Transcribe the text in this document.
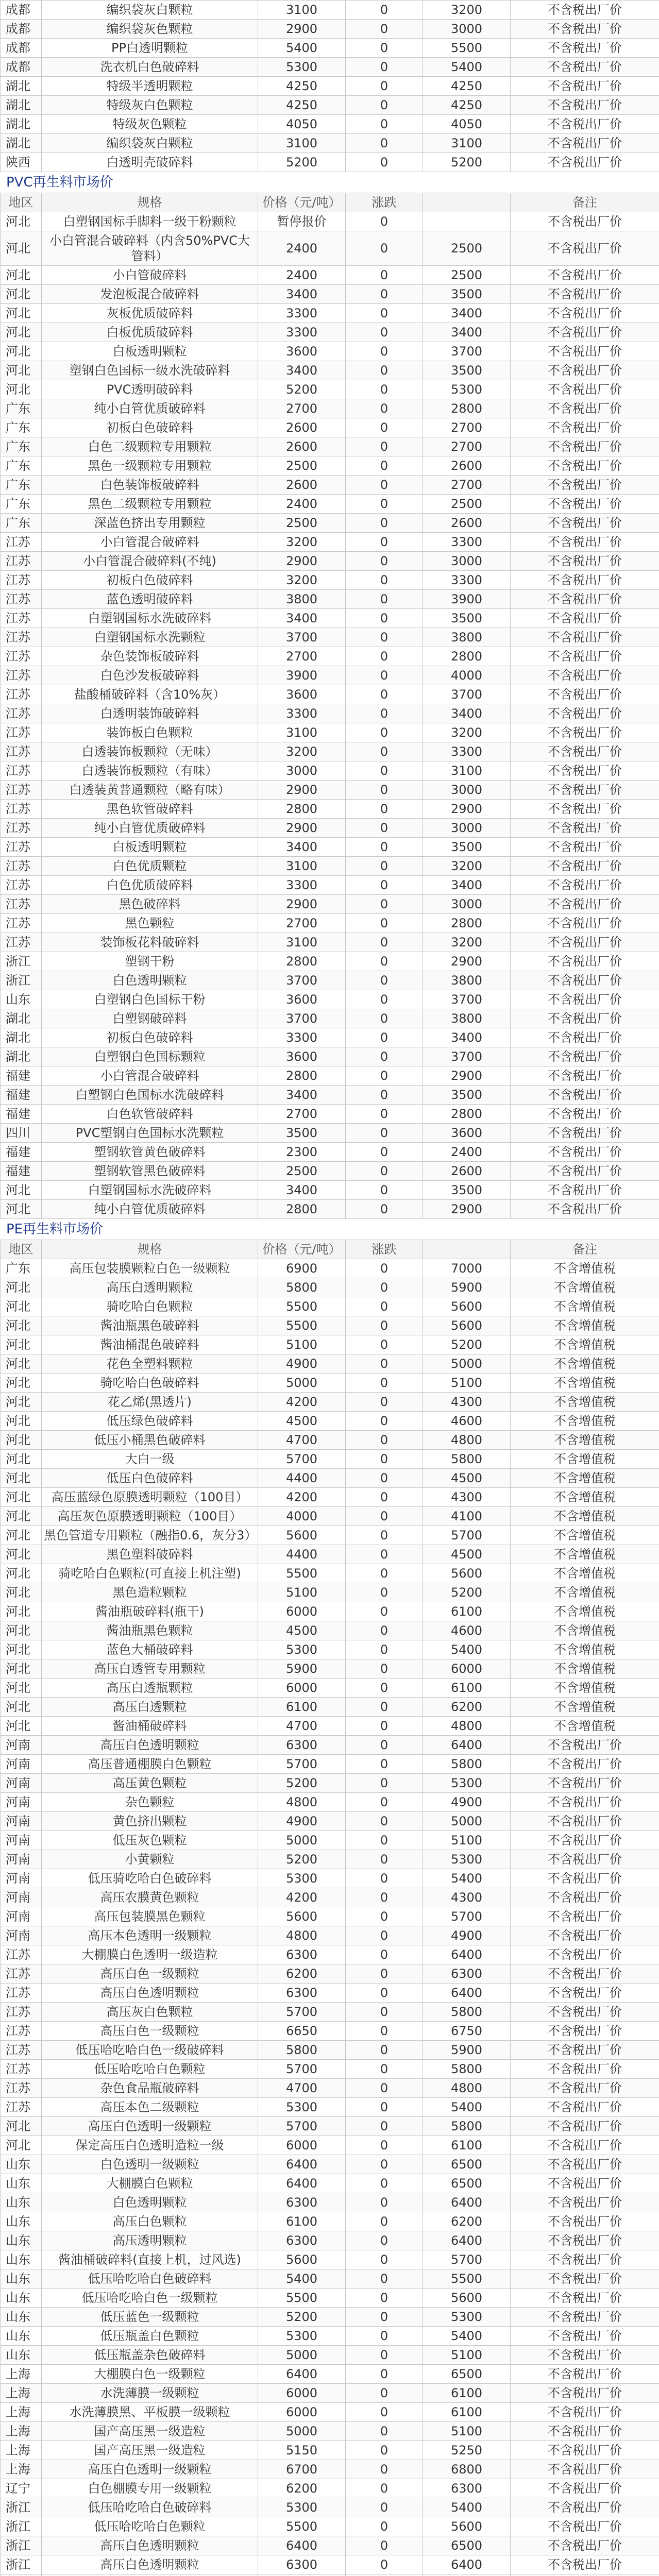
成都	编织袋灰白颗粒	3100	0	3200	不含税出厂价
成都	编织袋灰色颗粒	2900	0	3000	不含税出厂价
成都	PP白透明颗粒	5400	0	5500	不含税出厂价
成都	洗衣机白色破碎料	5300	0	5400	不含税出厂价
湖北	特级半透明颗粒	4250	0	4250	不含税出厂价
湖北	特级灰白色颗粒	4250	0	4250	不含税出厂价
湖北	特级灰色颗粒	4050	0	4050	不含税出厂价
湖北	编织袋灰白颗粒	3100	0	3100	不含税出厂价
陕西	白透明壳破碎料	5200	0	5200	不含税出厂价
PVC再生料市场价
地区	规格	价格（元/吨）	涨跌		备注
河北	白塑钢国标手脚料一级干粉颗粒	暂停报价	0		不含税出厂价
河北	小白管混合破碎料（内含50%PVC大管料）	2400	0	2500	不含税出厂价
河北	小白管破碎料	2400	0	2500	不含税出厂价
河北	发泡板混合破碎料	3400	0	3500	不含税出厂价
河北	灰板优质破碎料	3300	0	3400	不含税出厂价
河北	白板优质破碎料	3300	0	3400	不含税出厂价
河北	白板透明颗粒	3600	0	3700	不含税出厂价
河北	塑钢白色国标一级水洗破碎料	3400	0	3500	不含税出厂价
河北	PVC透明破碎料	5200	0	5300	不含税出厂价
广东	纯小白管优质破碎料	2700	0	2800	不含税出厂价
广东	初板白色破碎料	2600	0	2700	不含税出厂价
广东	白色二级颗粒专用颗粒	2600	0	2700	不含税出厂价
广东	黑色一级颗粒专用颗粒	2500	0	2600	不含税出厂价
广东	白色装饰板破碎料	2600	0	2700	不含税出厂价
广东	黑色二级颗粒专用颗粒	2400	0	2500	不含税出厂价
广东	深蓝色挤出专用颗粒	2500	0	2600	不含税出厂价
江苏	小白管混合破碎料	3200	0	3300	不含税出厂价
江苏	小白管混合破碎料(不纯)	2900	0	3000	不含税出厂价
江苏	初板白色破碎料	3200	0	3300	不含税出厂价
江苏	蓝色透明破碎料	3800	0	3900	不含税出厂价
江苏	白塑钢国标水洗破碎料	3400	0	3500	不含税出厂价
江苏	白塑钢国标水洗颗粒	3700	0	3800	不含税出厂价
江苏	杂色装饰板破碎料	2700	0	2800	不含税出厂价
江苏	白色沙发板破碎料	3900	0	4000	不含税出厂价
江苏	盐酸桶破碎料（含10%灰）	3600	0	3700	不含税出厂价
江苏	白透明装饰破碎料	3300	0	3400	不含税出厂价
江苏	装饰板白色颗粒	3100	0	3200	不含税出厂价
江苏	白透装饰板颗粒（无味）	3200	0	3300	不含税出厂价
江苏	白透装饰板颗粒（有味）	3000	0	3100	不含税出厂价
江苏	白透装黄普通颗粒（略有味）	2900	0	3000	不含税出厂价
江苏	黑色软管破碎料	2800	0	2900	不含税出厂价
江苏	纯小白管优质破碎料	2900	0	3000	不含税出厂价
江苏	白板透明颗粒	3400	0	3500	不含税出厂价
江苏	白色优质颗粒	3100	0	3200	不含税出厂价
江苏	白色优质破碎料	3300	0	3400	不含税出厂价
江苏	黑色破碎料	2900	0	3000	不含税出厂价
江苏	黑色颗粒	2700	0	2800	不含税出厂价
江苏	装饰板花料破碎料	3100	0	3200	不含税出厂价
浙江	塑钢干粉	2800	0	2900	不含税出厂价
浙江	白色透明颗粒	3700	0	3800	不含税出厂价
山东	白塑钢白色国标干粉	3600	0	3700	不含税出厂价
湖北	白塑钢破碎料	3700	0	3800	不含税出厂价
湖北	初板白色破碎料	3300	0	3400	不含税出厂价
湖北	白塑钢白色国标颗粒	3600	0	3700	不含税出厂价
福建	小白管混合破碎料	2800	0	2900	不含税出厂价
福建	白塑钢白色国标水洗破碎料	3400	0	3500	不含税出厂价
福建	白色软管破碎料	2700	0	2800	不含税出厂价
四川	PVC塑钢白色国标水洗颗粒	3500	0	3600	不含税出厂价
福建	塑钢软管黄色破碎料	2300	0	2400	不含税出厂价
福建	塑钢软管黑色破碎料	2500	0	2600	不含税出厂价
河北	白塑钢国标水洗破碎料	3400	0	3500	不含税出厂价
河北	纯小白管优质破碎料	2800	0	2900	不含税出厂价
PE再生料市场价
地区	规格	价格（元/吨）	涨跌		备注
广东	高压包装膜颗粒白色一级颗粒	6900	0	7000	不含增值税
河北	高压白透明颗粒	5800	0	5900	不含增值税
河北	骑吃哈白色颗粒	5500	0	5600	不含增值税
河北	酱油瓶黑色破碎料	5500	0	5600	不含增值税
河北	酱油桶混色破碎料	5100	0	5200	不含增值税
河北	花色全塑料颗粒	4900	0	5000	不含增值税
河北	骑吃哈白色破碎料	5000	0	5100	不含增值税
河北	花乙烯(黑透片)	4200	0	4300	不含增值税
河北	低压绿色破碎料	4500	0	4600	不含增值税
河北	低压小桶黑色破碎料	4700	0	4800	不含增值税
河北	大白一级	5700	0	5800	不含增值税
河北	低压白色破碎料	4400	0	4500	不含增值税
河北	高压蓝绿色原膜透明颗粒（100目）	4200	0	4300	不含增值税
河北	高压灰色原膜透明颗粒（100目）	4000	0	4100	不含增值税
河北	黑色管道专用颗粒（融指0.6，灰分3）	5600	0	5700	不含增值税
河北	黑色塑料破碎料	4400	0	4500	不含增值税
河北	骑吃哈白色颗粒(可直接上机注塑)	5500	0	5600	不含增值税
河北	黑色造粒颗粒	5100	0	5200	不含增值税
河北	酱油瓶破碎料(瓶干)	6000	0	6100	不含增值税
河北	酱油瓶黑色颗粒	4500	0	4600	不含增值税
河北	蓝色大桶破碎料	5300	0	5400	不含增值税
河北	高压白透管专用颗粒	5900	0	6000	不含增值税
河北	高压白透瓶颗粒	6000	0	6100	不含增值税
河北	高压白透颗粒	6100	0	6200	不含增值税
河北	酱油桶破碎料	4700	0	4800	不含增值税
河南	高压白色透明颗粒	6300	0	6400	不含税出厂价
河南	高压普通棚膜白色颗粒	5700	0	5800	不含税出厂价
河南	高压黄色颗粒	5200	0	5300	不含税出厂价
河南	杂色颗粒	4800	0	4900	不含税出厂价
河南	黄色挤出颗粒	4900	0	5000	不含税出厂价
河南	低压灰色颗粒	5000	0	5100	不含税出厂价
河南	小黄颗粒	5200	0	5300	不含税出厂价
河南	低压骑吃哈白色破碎料	5300	0	5400	不含税出厂价
河南	高压农膜黄色颗粒	4200	0	4300	不含税出厂价
河南	高压包装膜黑色颗粒	5600	0	5700	不含税出厂价
河南	高压本色透明一级颗粒	4800	0	4900	不含税出厂价
江苏	大棚膜白色透明一级造粒	6300	0	6400	不含税出厂价
江苏	高压白色一级颗粒	6200	0	6300	不含税出厂价
江苏	高压白色透明颗粒	6300	0	6400	不含税出厂价
江苏	高压灰白色颗粒	5700	0	5800	不含税出厂价
江苏	高压白色一级颗粒	6650	0	6750	不含税出厂价
江苏	低压哈吃哈白色一级破碎料	5800	0	5900	不含税出厂价
江苏	低压哈吃哈白色颗粒	5700	0	5800	不含税出厂价
江苏	杂色食品瓶破碎料	4700	0	4800	不含税出厂价
江苏	高压本色二级颗粒	5300	0	5400	不含税出厂价
河北	高压白色透明一级颗粒	5700	0	5800	不含税出厂价
河北	保定高压白色透明造粒一级	6000	0	6100	不含税出厂价
山东	白色透明一级颗粒	6400	0	6500	不含税出厂价
山东	大棚膜白色颗粒	6400	0	6500	不含税出厂价
山东	白色透明颗粒	6300	0	6400	不含税出厂价
山东	高压白色颗粒	6100	0	6200	不含税出厂价
山东	高压透明颗粒	6300	0	6400	不含税出厂价
山东	酱油桶破碎料(直接上机，过风选)	5600	0	5700	不含税出厂价
山东	低压哈吃哈白色破碎料	5400	0	5500	不含税出厂价
山东	低压哈吃哈白色一级颗粒	5500	0	5600	不含税出厂价
山东	低压蓝色一级颗粒	5200	0	5300	不含税出厂价
山东	低压瓶盖白色颗粒	5300	0	5400	不含税出厂价
山东	低压瓶盖杂色破碎料	5000	0	5100	不含税出厂价
上海	大棚膜白色一级颗粒	6400	0	6500	不含税出厂价
上海	水洗薄膜一级颗粒	6000	0	6100	不含税出厂价
上海	水洗薄膜黑、平板膜一级颗粒	6000	0	6100	不含税出厂价
上海	国产高压黑一级造粒	5000	0	5100	不含税出厂价
上海	国产高压黑一级造粒	5150	0	5250	不含税出厂价
上海	高压白色透明一级颗粒	6700	0	6800	不含税出厂价
辽宁	白色棚膜专用一级颗粒	6200	0	6300	不含税出厂价
浙江	低压哈吃哈白色破碎料	5300	0	5400	不含税出厂价
浙江	低压哈吃哈白色颗粒	5500	0	5600	不含税出厂价
浙江	高压白色透明颗粒	6400	0	6500	不含税出厂价
浙江	高压白色透明颗粒	6300	0	6400	不含税出厂价
